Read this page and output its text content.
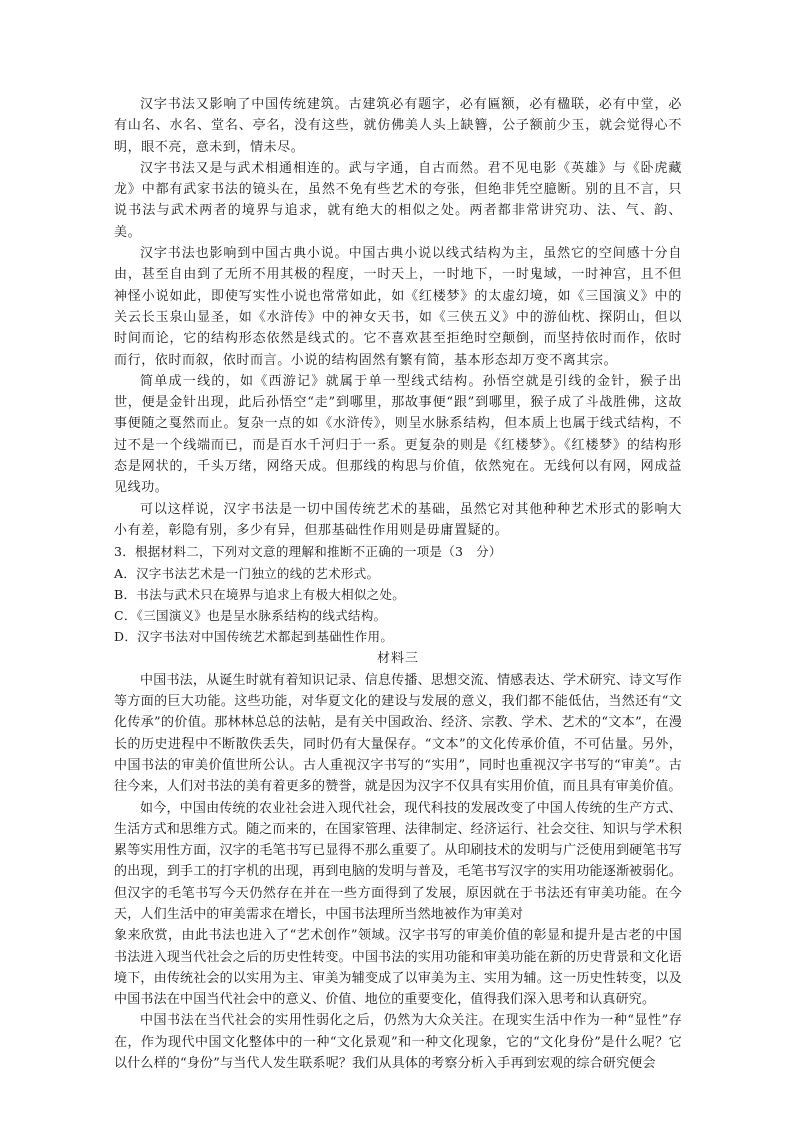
汉字书法又影响了中国传统建筑。古建筑必有题字，必有匾额，必有楹联，必有中堂，必有山名、水名、堂名、亭名，没有这些，就仿佛美人头上缺簪，公子额前少玉，就会觉得心不明，眼不亮，意未到，情未尽。

汉字书法又是与武术相通相连的。武与字通，自古而然。君不见电影《英雄》与《卧虎藏龙》中都有武家书法的镜头在，虽然不免有些艺术的夸张，但绝非凭空臆断。别的且不言，只说书法与武术两者的境界与追求，就有绝大的相似之处。两者都非常讲究功、法、气、韵、美。

汉字书法也影响到中国古典小说。中国古典小说以线式结构为主，虽然它的空间感十分自由，甚至自由到了无所不用其极的程度，一时天上，一时地下，一时鬼域，一时神宫，且不但神怪小说如此，即使写实性小说也常常如此，如《红楼梦》的太虚幻境，如《三国演义》中的关云长玉泉山显圣，如《水浒传》中的神女天书，如《三侠五义》中的游仙枕、探阴山，但以时间而论，它的结构形态依然是线式的。它不喜欢甚至拒绝时空颠倒，而坚持依时而作，依时而行，依时而叙，依时而言。小说的结构固然有繁有简，基本形态却万变不离其宗。

简单成一线的，如《西游记》就属于单一型线式结构。孙悟空就是引线的金针，猴子出世，便是金针出现，此后孙悟空“走”到哪里，那故事便“跟”到哪里，猴子成了斗战胜佛，这故事便随之戛然而止。复杂一点的如《水浒传》，则呈水脉系结构，但本质上也属于线式结构，不过不是一个线端而已，而是百水千河归于一系。更复杂的则是《红楼梦》。《红楼梦》的结构形态是网状的，千头万绪，网络天成。但那线的构思与价值，依然宛在。无线何以有网，网成益见线功。

可以这样说，汉字书法是一切中国传统艺术的基础，虽然它对其他种种艺术形式的影响大小有差，彰隐有别，多少有异，但那基础性作用则是毋庸置疑的。

3．根据材料二，下列对文意的理解和推断不正确的一项是（3　分）

A．汉字书法艺术是一门独立的线的艺术形式。

B．书法与武术只在境界与追求上有极大相似之处。

C．《三国演义》也是呈水脉系结构的线式结构。

D．汉字书法对中国传统艺术都起到基础性作用。

材料三

中国书法，从诞生时就有着知识记录、信息传播、思想交流、情感表达、学术研究、诗文写作等方面的巨大功能。这些功能，对华夏文化的建设与发展的意义，我们都不能低估，当然还有“文化传承”的价值。那林林总总的法帖，是有关中国政治、经济、宗教、学术、艺术的“文本”，在漫长的历史进程中不断散佚丢失，同时仍有大量保存。“文本”的文化传承价值，不可估量。另外，中国书法的审美价值世所公认。古人重视汉字书写的“实用”，同时也重视汉字书写的“审美”。古往今来，人们对书法的美有着更多的赞誉，就是因为汉字不仅具有实用价值，而且具有审美价值。

如今，中国由传统的农业社会进入现代社会，现代科技的发展改变了中国人传统的生产方式、生活方式和思维方式。随之而来的，在国家管理、法律制定、经济运行、社会交往、知识与学术积累等实用性方面，汉字的毛笔书写已显得不那么重要了。从印刷技术的发明与广泛使用到硬笔书写的出现，到手工的打字机的出现，再到电脑的发明与普及，毛笔书写汉字的实用功能逐渐被弱化。但汉字的毛笔书写今天仍然存在并在一些方面得到了发展，原因就在于书法还有审美功能。在今天，人们生活中的审美需求在增长，中国书法理所当然地被作为审美对

象来欣赏，由此书法也进入了“艺术创作”领域。汉字书写的审美价值的彰显和提升是古老的中国书法进入现当代社会之后的历史性转变。中国书法的实用功能和审美功能在新的历史背景和文化语境下，由传统社会的以实用为主、审美为辅变成了以审美为主、实用为辅。这一历史性转变，以及中国书法在中国当代社会中的意义、价值、地位的重要变化，值得我们深入思考和认真研究。

中国书法在当代社会的实用性弱化之后，仍然为大众关注。在现实生活中作为一种“显性”存在，作为现代中国文化整体中的一种“文化景观”和一种文化现象，它的“文化身份”是什么呢？它以什么样的“身份”与当代人发生联系呢？我们从具体的考察分析入手再到宏观的综合研究便会
